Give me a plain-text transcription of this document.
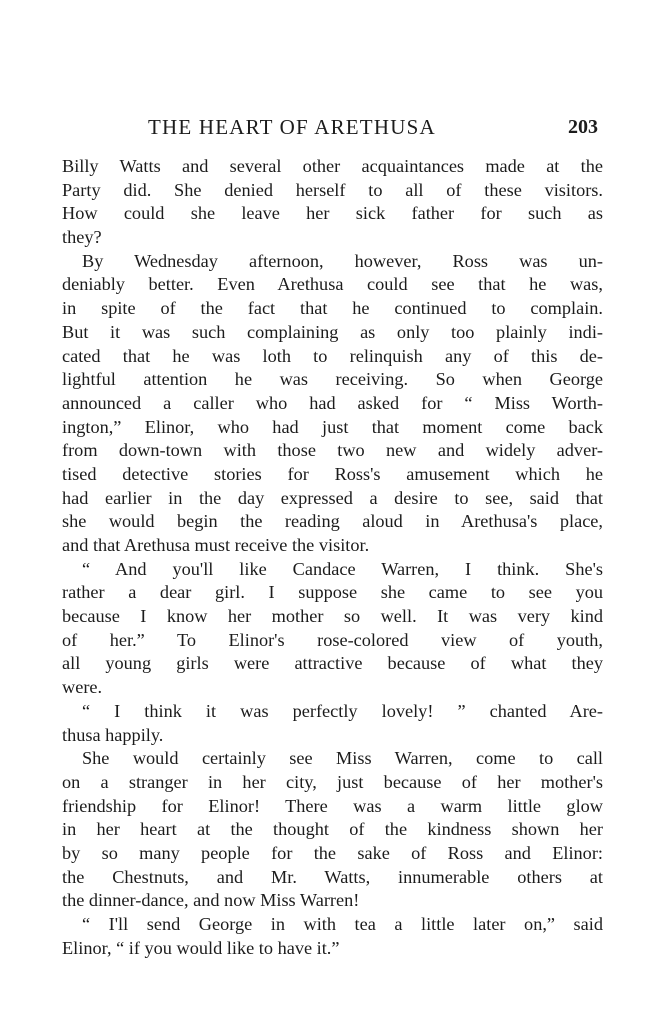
THE HEART OF ARETHUSA	203
Billy Watts and several other acquaintances made at the
Party did. She denied herself to all of these visitors.
How could she leave her sick father for such as
they?
By Wednesday afternoon, however, Ross was un-
deniably better. Even Arethusa could see that he was,
in spite of the fact that he continued to complain.
But it was such complaining as only too plainly indi-
cated that he was loth to relinquish any of this de-
lightful attention he was receiving. So when George
announced a caller who had asked for “ Miss Worth-
ington,” Elinor, who had just that moment come back
from down-town with those two new and widely adver-
tised detective stories for Ross's amusement which he
had earlier in the day expressed a desire to see, said that
she would begin the reading aloud in Arethusa's place,
and that Arethusa must receive the visitor.
“ And you'll like Candace Warren, I think. She's
rather a dear girl. I suppose she came to see you
because I know her mother so well. It was very kind
of her.” To Elinor's rose-colored view of youth,
all young girls were attractive because of what they
were.
“ I think it was perfectly lovely! ” chanted Are-
thusa happily.
She would certainly see Miss Warren, come to call
on a stranger in her city, just because of her mother's
friendship for Elinor! There was a warm little glow
in her heart at the thought of the kindness shown her
by so many people for the sake of Ross and Elinor:
the Chestnuts, and Mr. Watts, innumerable others at
the dinner-dance, and now Miss Warren!
“ I'll send George in with tea a little later on,” said
Elinor, “ if you would like to have it.”
